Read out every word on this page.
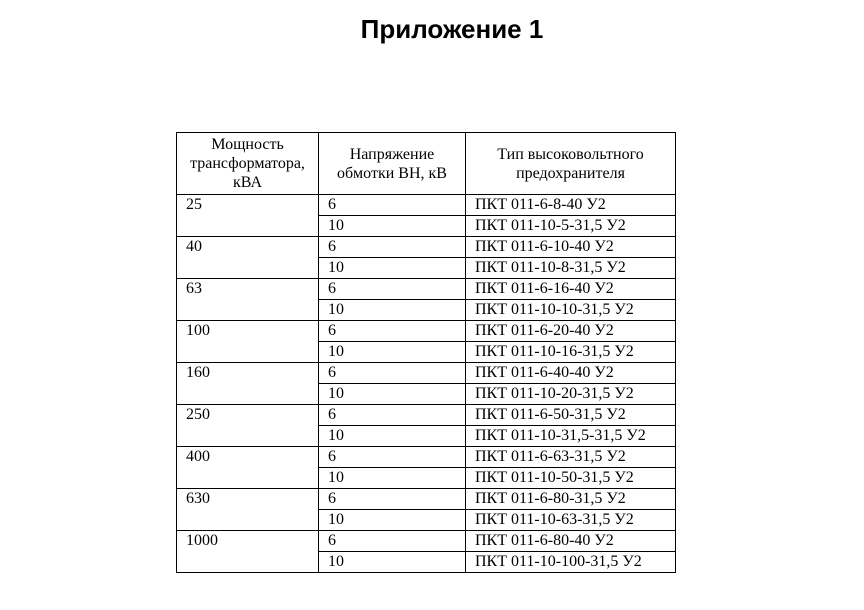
Приложение 1
Мощность трансформатора, кВА	Напряжение обмотки ВН, кВ	Тип высоковольтного предохранителя
25	6	ПКТ 011-6-8-40 У2
	10	ПКТ 011-10-5-31,5 У2
40	6	ПКТ 011-6-10-40 У2
	10	ПКТ 011-10-8-31,5 У2
63	6	ПКТ 011-6-16-40 У2
	10	ПКТ 011-10-10-31,5 У2
100	6	ПКТ 011-6-20-40 У2
	10	ПКТ 011-10-16-31,5 У2
160	6	ПКТ 011-6-40-40 У2
	10	ПКТ 011-10-20-31,5 У2
250	6	ПКТ 011-6-50-31,5 У2
	10	ПКТ 011-10-31,5-31,5 У2
400	6	ПКТ 011-6-63-31,5 У2
	10	ПКТ 011-10-50-31,5 У2
630	6	ПКТ 011-6-80-31,5 У2
	10	ПКТ 011-10-63-31,5 У2
1000	6	ПКТ 011-6-80-40 У2
	10	ПКТ 011-10-100-31,5 У2
